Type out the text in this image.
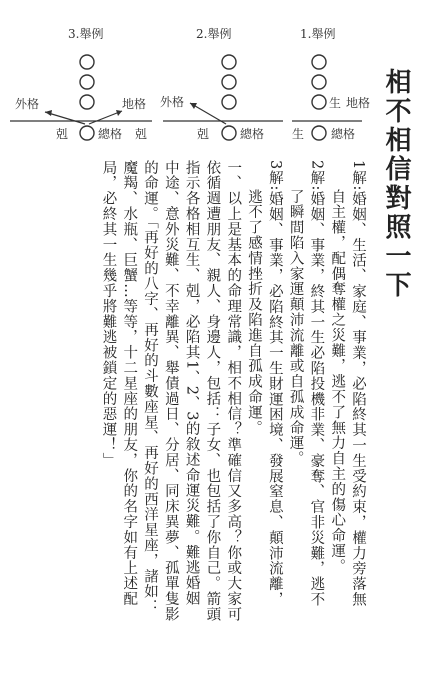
3.舉例
外格	地格
剋 總格 剋
2.舉例
外格
剋	總格
1.舉例
生 地格
生 總格 相不相信對照一下

1解:婚姻、生活、家庭、事業，必陷終其一生受約束，權力旁落無
自主權，配偶奪權之災難，逃不了無力自主的傷心命運。

2解:婚姻、事業，終其一生必陷投機非業、豪奪、官非災難，逃不
了瞬間陷入家運顛沛流離或自孤成命運。

3解:婚姻、事業，必陷終其一生財運困境、發展窒息、顛沛流離，
逃不了感情挫折及陷進自孤成命運。

一、以上是基本的命理常識，相不相信？準確信又多高？你或大家可
依循週遭朋友、親人、身邊人，包括：子女、也包括了你自己。箭頭
指示各格相互生、剋，必陷其1、2、3的敘述命運災難。難逃婚姻
中途、意外災難、不幸離異、舉債過日、分居、同床異夢、孤單隻影
的命運。「再好的八字、再好的斗數座星、再好的西洋星座，諸如：
魔羯、水瓶、巨蟹…等等，十二星座的朋友，你的名字如有上述配
局，必終其一生幾乎將難逃被鎖定的惡運！」
